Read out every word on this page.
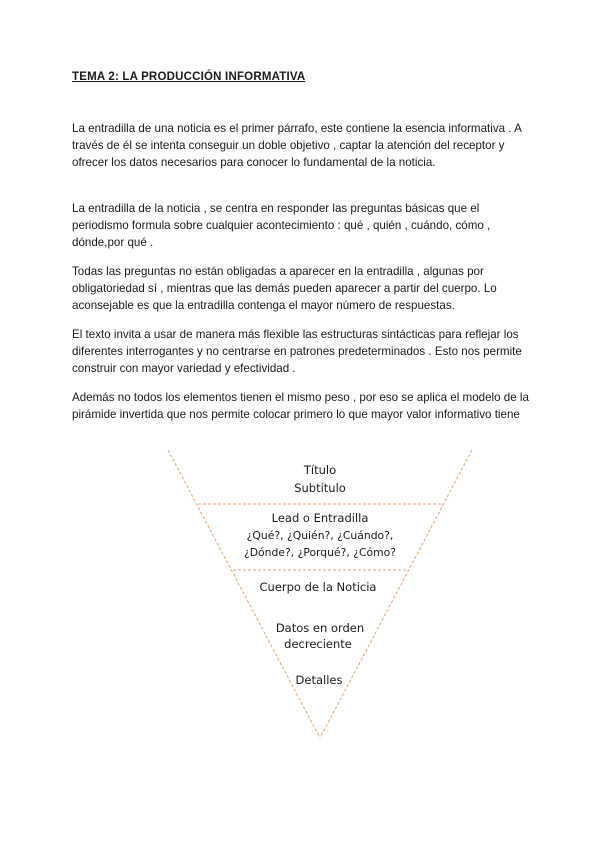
TEMA 2: LA PRODUCCIÓN INFORMATIVA

La entradilla de una noticia es el primer párrafo, este contiene la esencia informativa . A través de él se intenta conseguir un doble objetivo , captar la atención del receptor y ofrecer los datos necesarios para conocer lo fundamental de la noticia.

La entradilla de la noticia , se centra en responder las preguntas básicas que el periodismo formula sobre cualquier acontecimiento : qué , quién , cuándo, cómo , dónde,por qué .

Todas las preguntas no están obligadas a aparecer en la entradilla , algunas por obligatoriedad sí , mientras que las demás pueden aparecer a partir del cuerpo. Lo aconsejable es que la entradilla contenga el mayor número de respuestas.

El texto invita a usar de manera más flexible las estructuras sintácticas para reflejar los diferentes interrogantes y no centrarse en patrones predeterminados . Esto nos permite construir con mayor variedad y efectividad .

Además no todos los elementos tienen el mismo peso , por eso se aplica el modelo de la pirámide invertida que nos permite colocar primero lo que mayor valor informativo tiene

Título
Subtítulo
Lead o Entradilla
¿Qué?, ¿Quién?, ¿Cuándo?,
¿Dónde?, ¿Porqué?, ¿Cómo?
Cuerpo de la Noticia
Datos en orden
decreciente
Detalles
